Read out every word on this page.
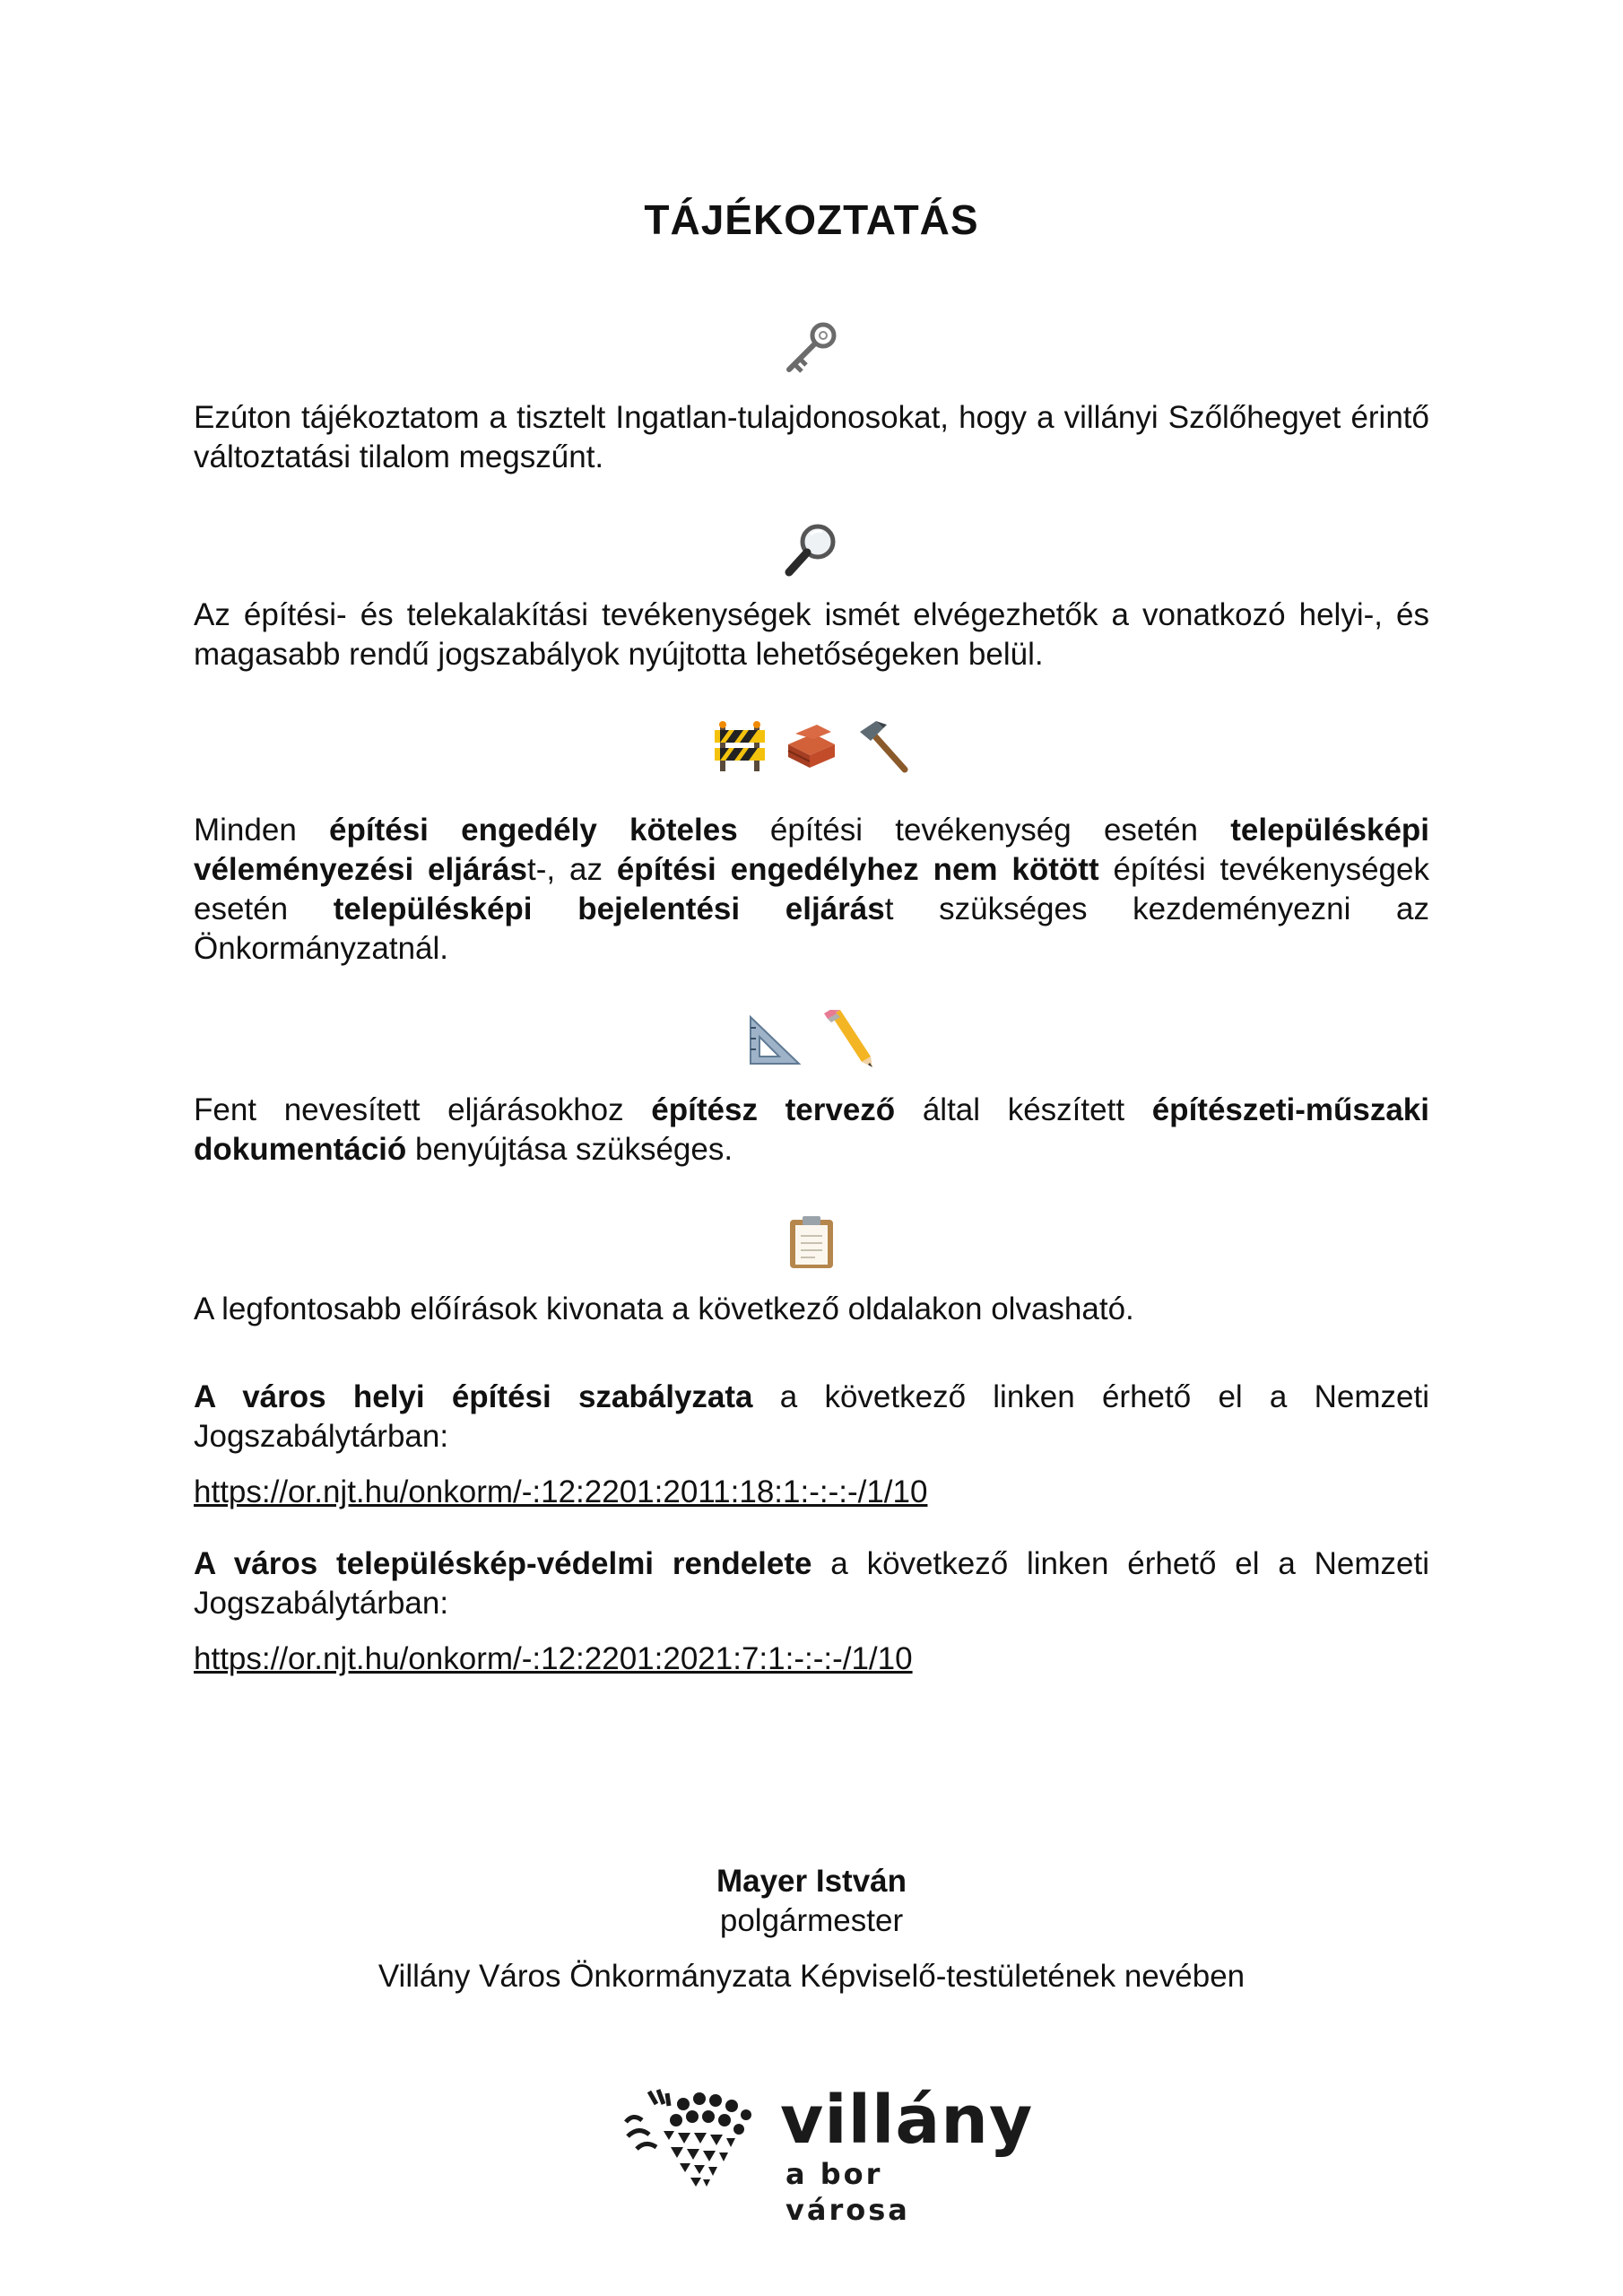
TÁJÉKOZTATÁS
Ezúton tájékoztatom a tisztelt Ingatlan-tulajdonosokat, hogy a villányi Szőlőhegyet érintő változtatási tilalom megszűnt.
Az építési- és telekalakítási tevékenységek ismét elvégezhetők a vonatkozó helyi-, és magasabb rendű jogszabályok nyújtotta lehetőségeken belül.

Minden építési engedély köteles építési tevékenység esetén településképi véleményezési eljárást-, az építési engedélyhez nem kötött építési tevékenységek esetén településképi bejelentési eljárást szükséges kezdeményezni az Önkormányzatnál.

Fent nevesített eljárásokhoz építész tervező által készített építészeti-műszaki dokumentáció benyújtása szükséges.
A legfontosabb előírások kivonata a következő oldalakon olvasható.
A város helyi építési szabályzata a következő linken érhető el a Nemzeti Jogszabálytárban:
https://or.njt.hu/onkorm/-:12:2201:2011:18:1:-:-:-/1/10
A város településkép-védelmi rendelete a következő linken érhető el a Nemzeti Jogszabálytárban:
https://or.njt.hu/onkorm/-:12:2201:2021:7:1:-:-:-/1/10
Mayer István
polgármester
Villány Város Önkormányzata Képviselő-testületének nevében
villány
a bor városa
